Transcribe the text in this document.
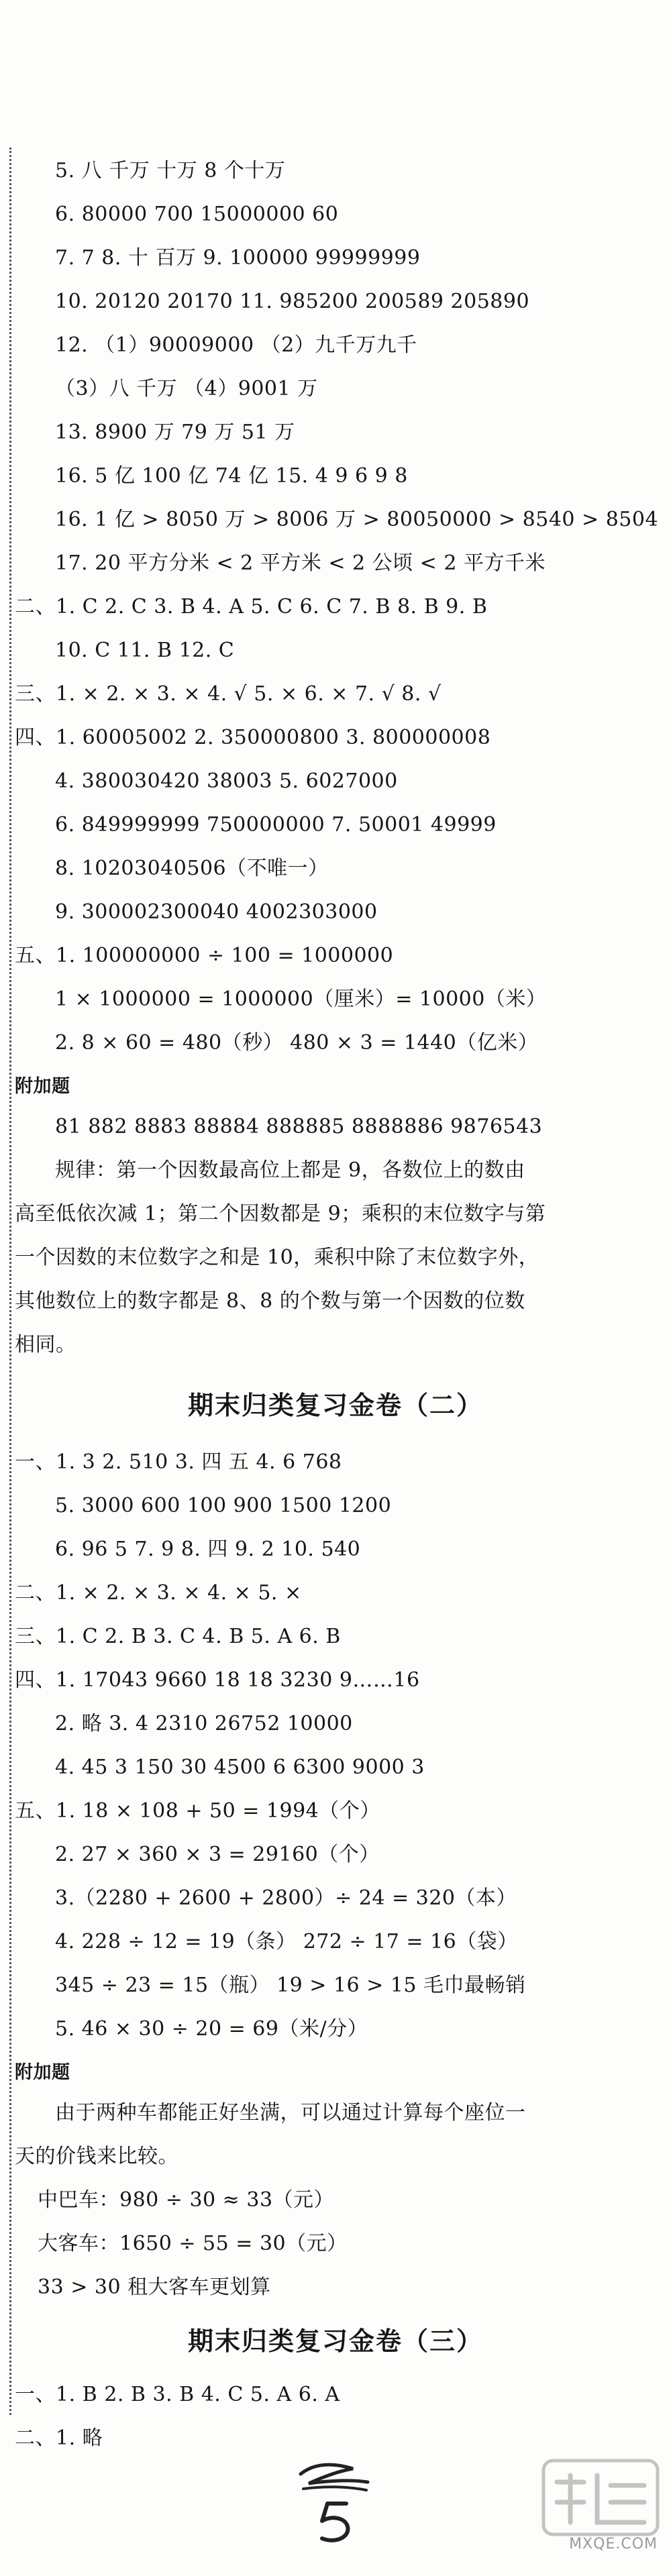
5. 八 千万 十万 8 个十万
6. 80000 700 15000000 60
7. 7 8. 十 百万 9. 100000 99999999
10. 20120 20170 11. 985200 200589 205890
12. （1）90009000 （2）九千万九千
（3）八 千万 （4）9001 万
13. 8900 万 79 万 51 万
16. 5 亿 100 亿 74 亿 15. 4 9 6 9 8
16. 1 亿 > 8050 万 > 8006 万 > 80050000 > 8540 > 8504
17. 20 平方分米 < 2 平方米 < 2 公顷 < 2 平方千米
二、1. C 2. C 3. B 4. A 5. C 6. C 7. B 8. B 9. B
10. C 11. B 12. C
三、1. × 2. × 3. × 4. √ 5. × 6. × 7. √ 8. √
四、1. 60005002 2. 350000800 3. 800000008
4. 380030420 38003 5. 6027000
6. 849999999 750000000 7. 50001 49999
8. 10203040506（不唯一）
9. 300002300040 4002303000
五、1. 100000000 ÷ 100 = 1000000
1 × 1000000 = 1000000（厘米）= 10000（米）
2. 8 × 60 = 480（秒） 480 × 3 = 1440（亿米）
附加题
81 882 8883 88884 888885 8888886 9876543
规律：第一个因数最高位上都是 9，各数位上的数由
高至低依次减 1；第二个因数都是 9；乘积的末位数字与第
一个因数的末位数字之和是 10，乘积中除了末位数字外，
其他数位上的数字都是 8、8 的个数与第一个因数的位数
相同。
期末归类复习金卷（二）
一、1. 3 2. 510 3. 四 五 4. 6 768
5. 3000 600 100 900 1500 1200
6. 96 5 7. 9 8. 四 9. 2 10. 540
二、1. × 2. × 3. × 4. × 5. ×
三、1. C 2. B 3. C 4. B 5. A 6. B
四、1. 17043 9660 18 18 3230 9……16
2. 略 3. 4 2310 26752 10000
4. 45 3 150 30 4500 6 6300 9000 3
五、1. 18 × 108 + 50 = 1994（个）
2. 27 × 360 × 3 = 29160（个）
3.（2280 + 2600 + 2800）÷ 24 = 320（本）
4. 228 ÷ 12 = 19（条） 272 ÷ 17 = 16（袋）
345 ÷ 23 = 15（瓶） 19 > 16 > 15 毛巾最畅销
5. 46 × 30 ÷ 20 = 69（米/分）
附加题
由于两种车都能正好坐满，可以通过计算每个座位一
天的价钱来比较。
中巴车：980 ÷ 30 ≈ 33（元）
大客车：1650 ÷ 55 = 30（元）
33 > 30 租大客车更划算
期末归类复习金卷（三）
一、1. B 2. B 3. B 4. C 5. A 6. A
二、1. 略
MXQE.COM
